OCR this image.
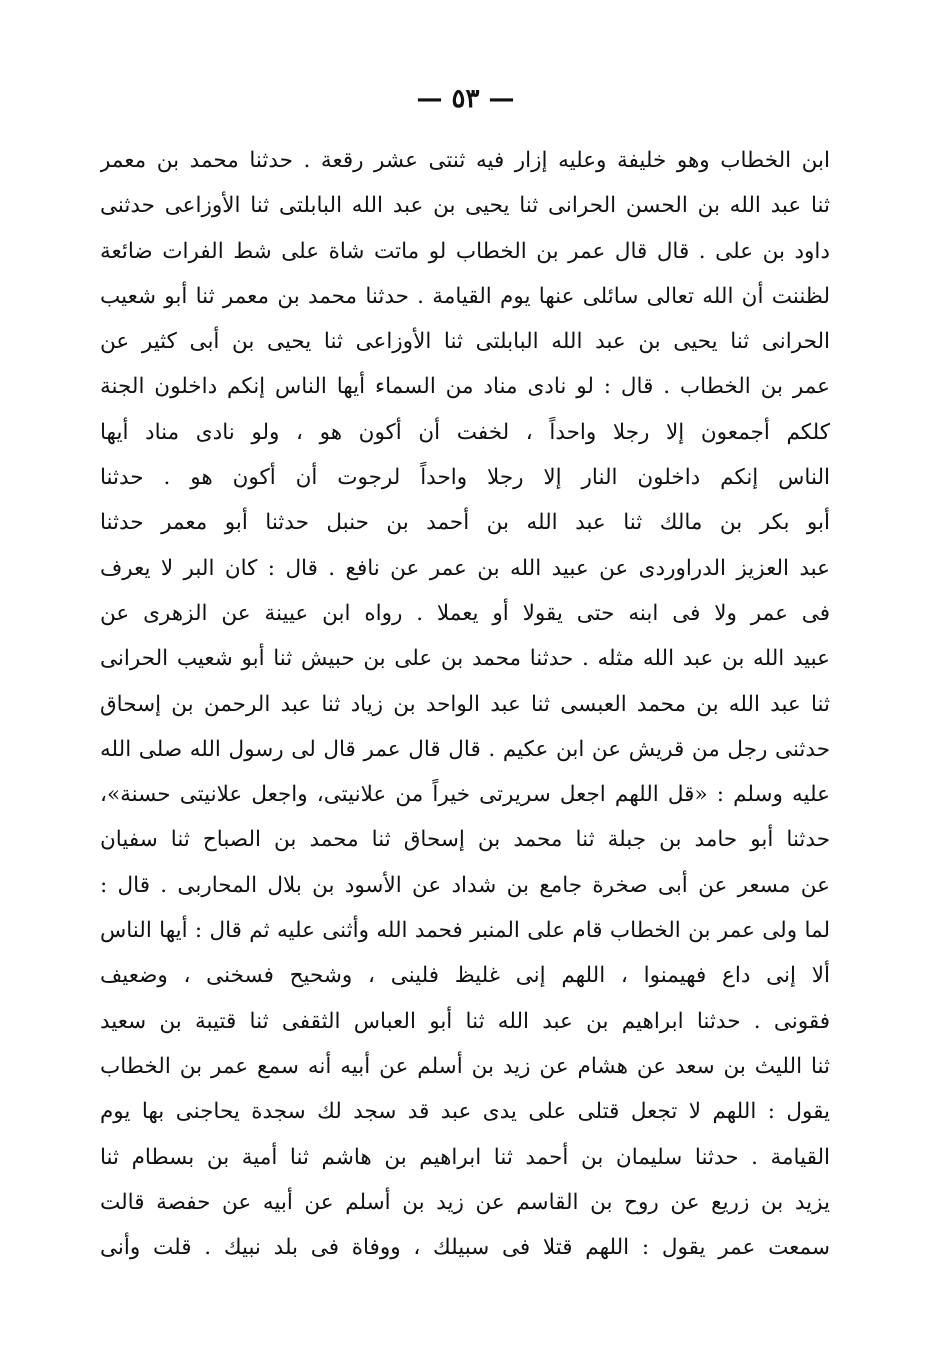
— ٥٣ —
ابن الخطاب وهو خليفة وعليه إزار فيه ثنتى عشر رقعة . حدثنا محمد بن معمر
ثنا عبد الله بن الحسن الحرانى ثنا يحيى بن عبد الله البابلتى ثنا الأوزاعى حدثنى
داود بن على . قال قال عمر بن الخطاب لو ماتت شاة على شط الفرات ضائعة
لظننت أن الله تعالى سائلى عنها يوم القيامة . حدثنا محمد بن معمر ثنا أبو شعيب
الحرانى ثنا يحيى بن عبد الله البابلتى ثنا الأوزاعى ثنا يحيى بن أبى كثير عن
عمر بن الخطاب . قال : لو نادى مناد من السماء أيها الناس إنكم داخلون الجنة
كلكم أجمعون إلا رجلا واحداً ، لخفت أن أكون هو ، ولو نادى مناد أيها
الناس إنكم داخلون النار إلا رجلا واحداً لرجوت أن أكون هو . حدثنا
أبو بكر بن مالك ثنا عبد الله بن أحمد بن حنبل حدثنا أبو معمر حدثنا
عبد العزيز الدراوردى عن عبيد الله بن عمر عن نافع . قال : كان البر لا يعرف
فى عمر ولا فى ابنه حتى يقولا أو يعملا . رواه ابن عيينة عن الزهرى عن
عبيد الله بن عبد الله مثله . حدثنا محمد بن على بن حبيش ثنا أبو شعيب الحرانى
ثنا عبد الله بن محمد العبسى ثنا عبد الواحد بن زياد ثنا عبد الرحمن بن إسحاق
حدثنى رجل من قريش عن ابن عكيم . قال قال عمر قال لى رسول الله صلى الله
عليه وسلم : «قل اللهم اجعل سريرتى خيراً من علانيتى، واجعل علانيتى حسنة»،
حدثنا أبو حامد بن جبلة ثنا محمد بن إسحاق ثنا محمد بن الصباح ثنا سفيان
عن مسعر عن أبى صخرة جامع بن شداد عن الأسود بن بلال المحاربى . قال :
لما ولى عمر بن الخطاب قام على المنبر فحمد الله وأثنى عليه ثم قال : أيها الناس
ألا إنى داع فهيمنوا ، اللهم إنى غليظ فلينى ، وشحيح فسخنى ، وضعيف
فقونى . حدثنا ابراهيم بن عبد الله ثنا أبو العباس الثقفى ثنا قتيبة بن سعيد
ثنا الليث بن سعد عن هشام عن زيد بن أسلم عن أبيه أنه سمع عمر بن الخطاب
يقول : اللهم لا تجعل قتلى على يدى عبد قد سجد لك سجدة يحاجنى بها يوم
القيامة . حدثنا سليمان بن أحمد ثنا ابراهيم بن هاشم ثنا أمية بن بسطام ثنا
يزيد بن زريع عن روح بن القاسم عن زيد بن أسلم عن أبيه عن حفصة قالت
سمعت عمر يقول : اللهم قتلا فى سبيلك ، ووفاة فى بلد نبيك . قلت وأنى
